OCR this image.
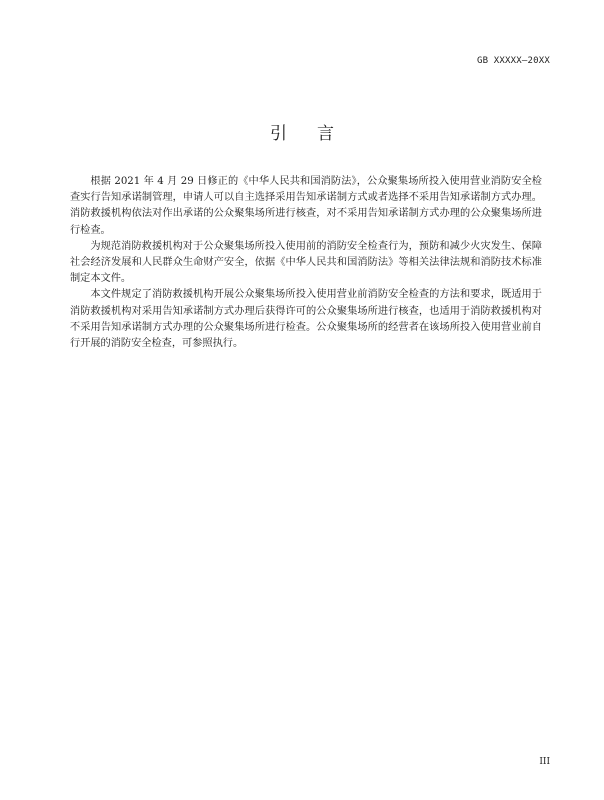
GB XXXXX—20XX
引言

根据 2021 年 4 月 29 日修正的《中华人民共和国消防法》，公众聚集场所投入使用营业消防安全检查实行告知承诺制管理，申请人可以自主选择采用告知承诺制方式或者选择不采用告知承诺制方式办理。消防救援机构依法对作出承诺的公众聚集场所进行核查，对不采用告知承诺制方式办理的公众聚集场所进行检查。

为规范消防救援机构对于公众聚集场所投入使用前的消防安全检查行为，预防和减少火灾发生、保障社会经济发展和人民群众生命财产安全，依据《中华人民共和国消防法》等相关法律法规和消防技术标准制定本文件。

本文件规定了消防救援机构开展公众聚集场所投入使用营业前消防安全检查的方法和要求，既适用于消防救援机构对采用告知承诺制方式办理后获得许可的公众聚集场所进行核查，也适用于消防救援机构对不采用告知承诺制方式办理的公众聚集场所进行检查。公众聚集场所的经营者在该场所投入使用营业前自行开展的消防安全检查，可参照执行。

III
